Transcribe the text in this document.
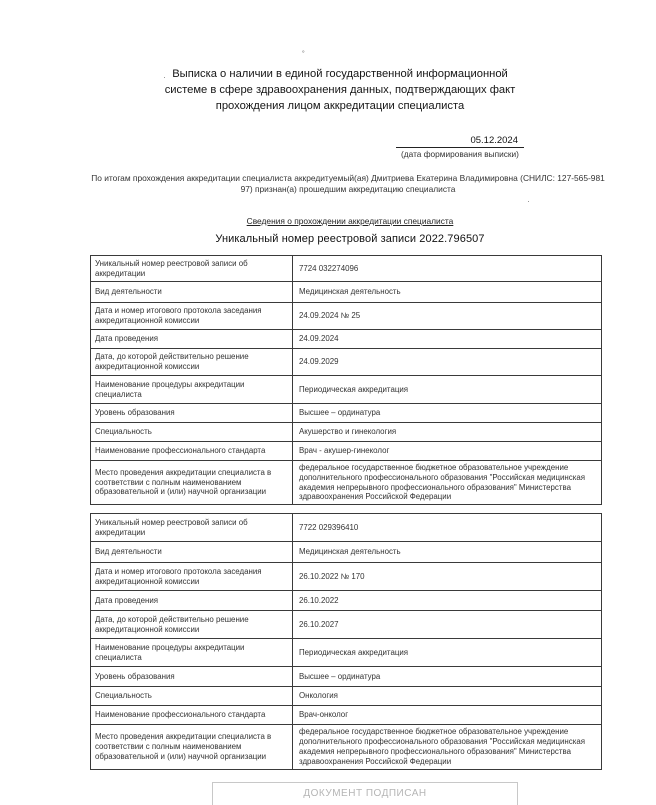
˚
·
·
Выписка о наличии в единой государственной информационной системе в сфере здравоохранения данных, подтверждающих факт прохождения лицом аккредитации специалиста
05.12.2024
(дата формирования выписки)
По итогам прохождения аккредитации специалиста аккредитуемый(ая) Дмитриева Екатерина Владимировна (СНИЛС: 127-565-981 97) признан(а) прошедшим аккредитацию специалиста
Сведения о прохождении аккредитации специалиста
Уникальный номер реестровой записи 2022.796507
Уникальный номер реестровой записи об аккредитации	7724 032274096
Вид деятельности	Медицинская деятельность
Дата и номер итогового протокола заседания аккредитационной комиссии	24.09.2024 № 25
Дата проведения	24.09.2024
Дата, до которой действительно решение аккредитационной комиссии	24.09.2029
Наименование процедуры аккредитации специалиста	Периодическая аккредитация
Уровень образования	Высшее – ординатура
Специальность	Акушерство и гинекология
Наименование профессионального стандарта	Врач - акушер-гинеколог
Место проведения аккредитации специалиста в соответствии с полным наименованием образовательной и (или) научной организации	федеральное государственное бюджетное образовательное учреждение дополнительного профессионального образования "Российская медицинская академия непрерывного профессионального образования" Министерства здравоохранения Российской Федерации
Уникальный номер реестровой записи об аккредитации	7722 029396410
Вид деятельности	Медицинская деятельность
Дата и номер итогового протокола заседания аккредитационной комиссии	26.10.2022 № 170
Дата проведения	26.10.2022
Дата, до которой действительно решение аккредитационной комиссии	26.10.2027
Наименование процедуры аккредитации специалиста	Периодическая аккредитация
Уровень образования	Высшее – ординатура
Специальность	Онкология
Наименование профессионального стандарта	Врач-онколог
Место проведения аккредитации специалиста в соответствии с полным наименованием образовательной и (или) научной организации	федеральное государственное бюджетное образовательное учреждение дополнительного профессионального образования "Российская медицинская академия непрерывного профессионального образования" Министерства здравоохранения Российской Федерации
ДОКУМЕНТ ПОДПИСАН
